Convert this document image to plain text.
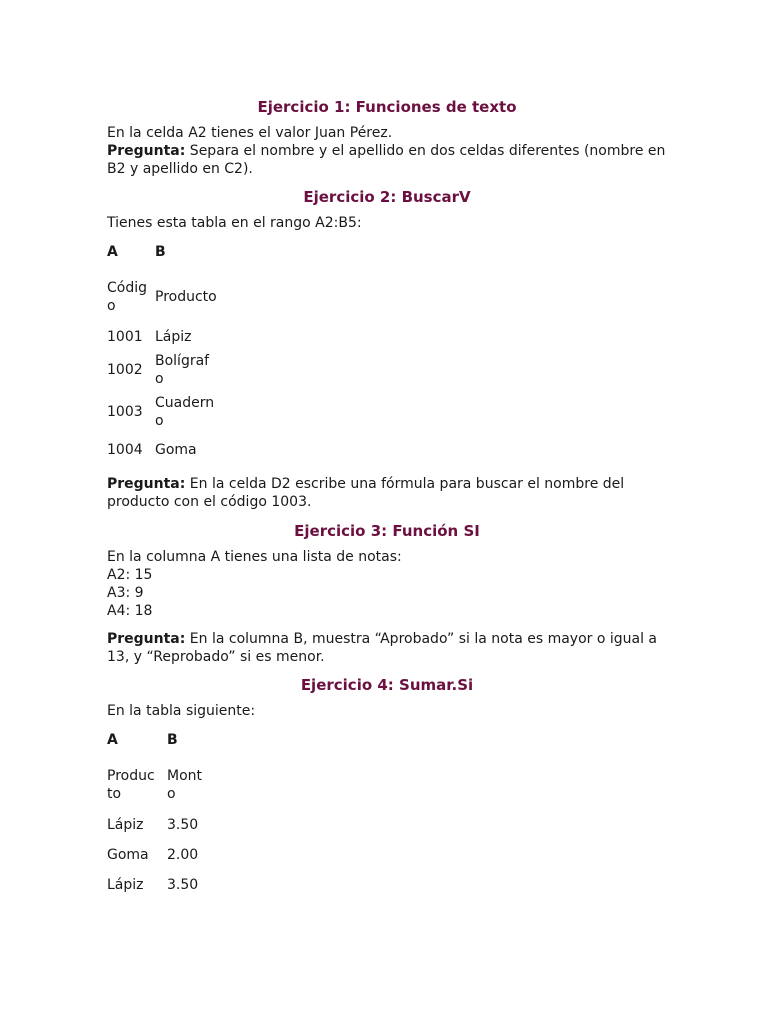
Ejercicio 1: Funciones de texto

En la celda A2 tienes el valor Juan Pérez.

Pregunta: Separa el nombre y el apellido en dos celdas diferentes (nombre en B2 y apellido en C2).

Ejercicio 2: BuscarV

Tienes esta tabla en el rango A2:B5:

A	B
Código	Producto
1001	Lápiz
1002	Bolígrafo
1003	Cuaderno
1004	Goma

Pregunta: En la celda D2 escribe una fórmula para buscar el nombre del producto con el código 1003.

Ejercicio 3: Función SI

En la columna A tienes una lista de notas:

A2: 15

A3: 9

A4: 18

Pregunta: En la columna B, muestra “Aprobado” si la nota es mayor o igual a 13, y “Reprobado” si es menor.

Ejercicio 4: Sumar.Si

En la tabla siguiente:

A	B
Producto	Monto
Lápiz	3.50
Goma	2.00
Lápiz	3.50
